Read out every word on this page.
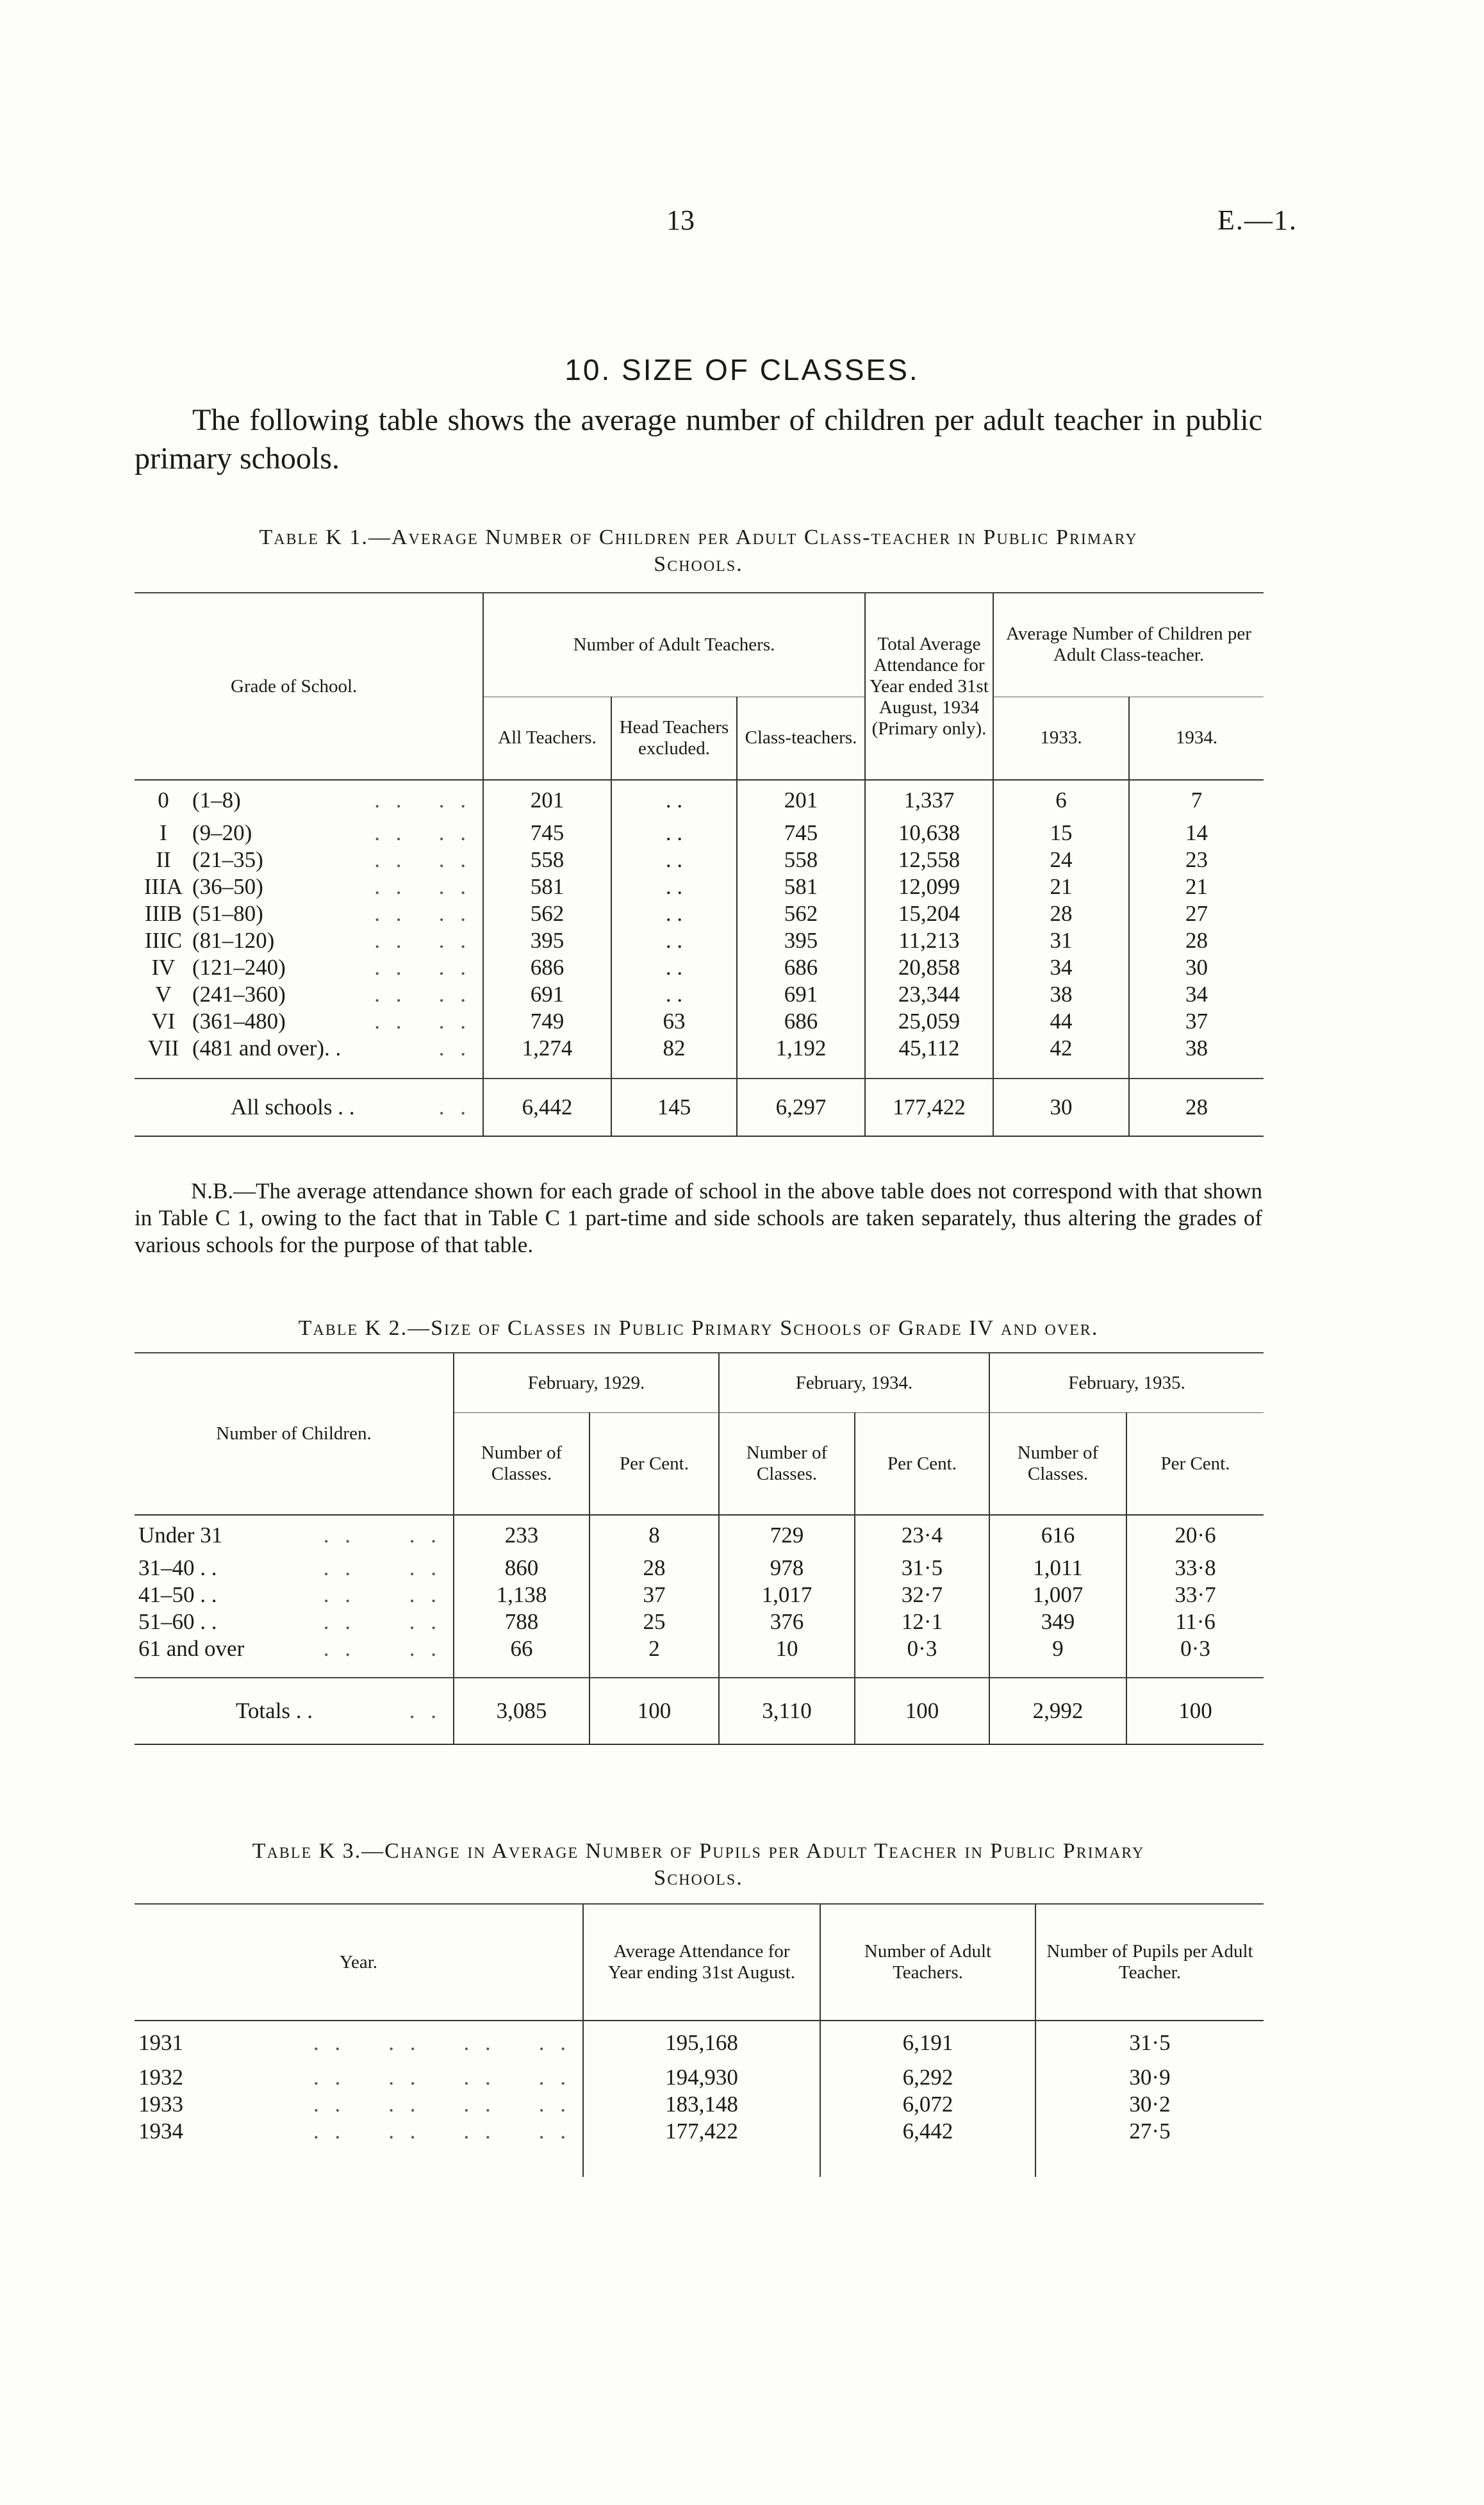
13	E.—1.
10. SIZE OF CLASSES.
The following table shows the average number of children per adult teacher in public primary schools.
Table K 1.—Average Number of Children per Adult Class-teacher in Public Primary
Schools.
Grade of School.	Number of Adult Teachers.			Total Average Attendance for Year ended 31st August, 1934 (Primary only).	Average Number of Children per Adult Class-teacher.	
	All Teachers.	Head Teachers excluded.	Class-teachers.		1933.	1934.
0 (1–8) . .   . .	201	. .	201	1,337	6	7
I (9–20) . .   . .	745	. .	745	10,638	15	14
II (21–35) . .   . .	558	. .	558	12,558	24	23
IIIA (36–50) . .   . .	581	. .	581	12,099	21	21
IIIB (51–80) . .   . .	562	. .	562	15,204	28	27
IIIC (81–120) . .   . .	395	. .	395	11,213	31	28
IV (121–240) . .   . .	686	. .	686	20,858	34	30
V (241–360) . .   . .	691	. .	691	23,344	38	34
VI (361–480) . .   . .	749	63	686	25,059	44	37
VII (481 and over). . . .	1,274	82	1,192	45,112	42	38

All schools . . . .	6,442	145	6,297	177,422	30	28
N.B.—The average attendance shown for each grade of school in the above table does not correspond with that shown in Table C 1, owing to the fact that in Table C 1 part-time and side schools are taken separately, thus altering the grades of various schools for the purpose of that table.
Table K 2.—Size of Classes in Public Primary Schools of Grade IV and over.
Number of Children.	February, 1929.		February, 1934.		February, 1935.	
	Number of Classes.	Per Cent.	Number of Classes.	Per Cent.	Number of Classes.	Per Cent.
Under 31 . .     . .	233	8	729	23·4	616	20·6
31–40 . . . .     . .	860	28	978	31·5	1,011	33·8
41–50 . . . .     . .	1,138	37	1,017	32·7	1,007	33·7
51–60 . . . .     . .	788	25	376	12·1	349	11·6
61 and over . .     . .	66	2	10	0·3	9	0·3

Totals . . . .	3,085	100	3,110	100	2,992	100
Table K 3.—Change in Average Number of Pupils per Adult Teacher in Public Primary
Schools.
Year.	Average Attendance for Year ending 31st August.	Number of Adult Teachers.	Number of Pupils per Adult Teacher.
1931 . .    . .    . .    . .	195,168	6,191	31·5
1932 . .    . .    . .    . .	194,930	6,292	30·9
1933 . .    . .    . .    . .	183,148	6,072	30·2
1934 . .    . .    . .    . .	177,422	6,442	27·5
